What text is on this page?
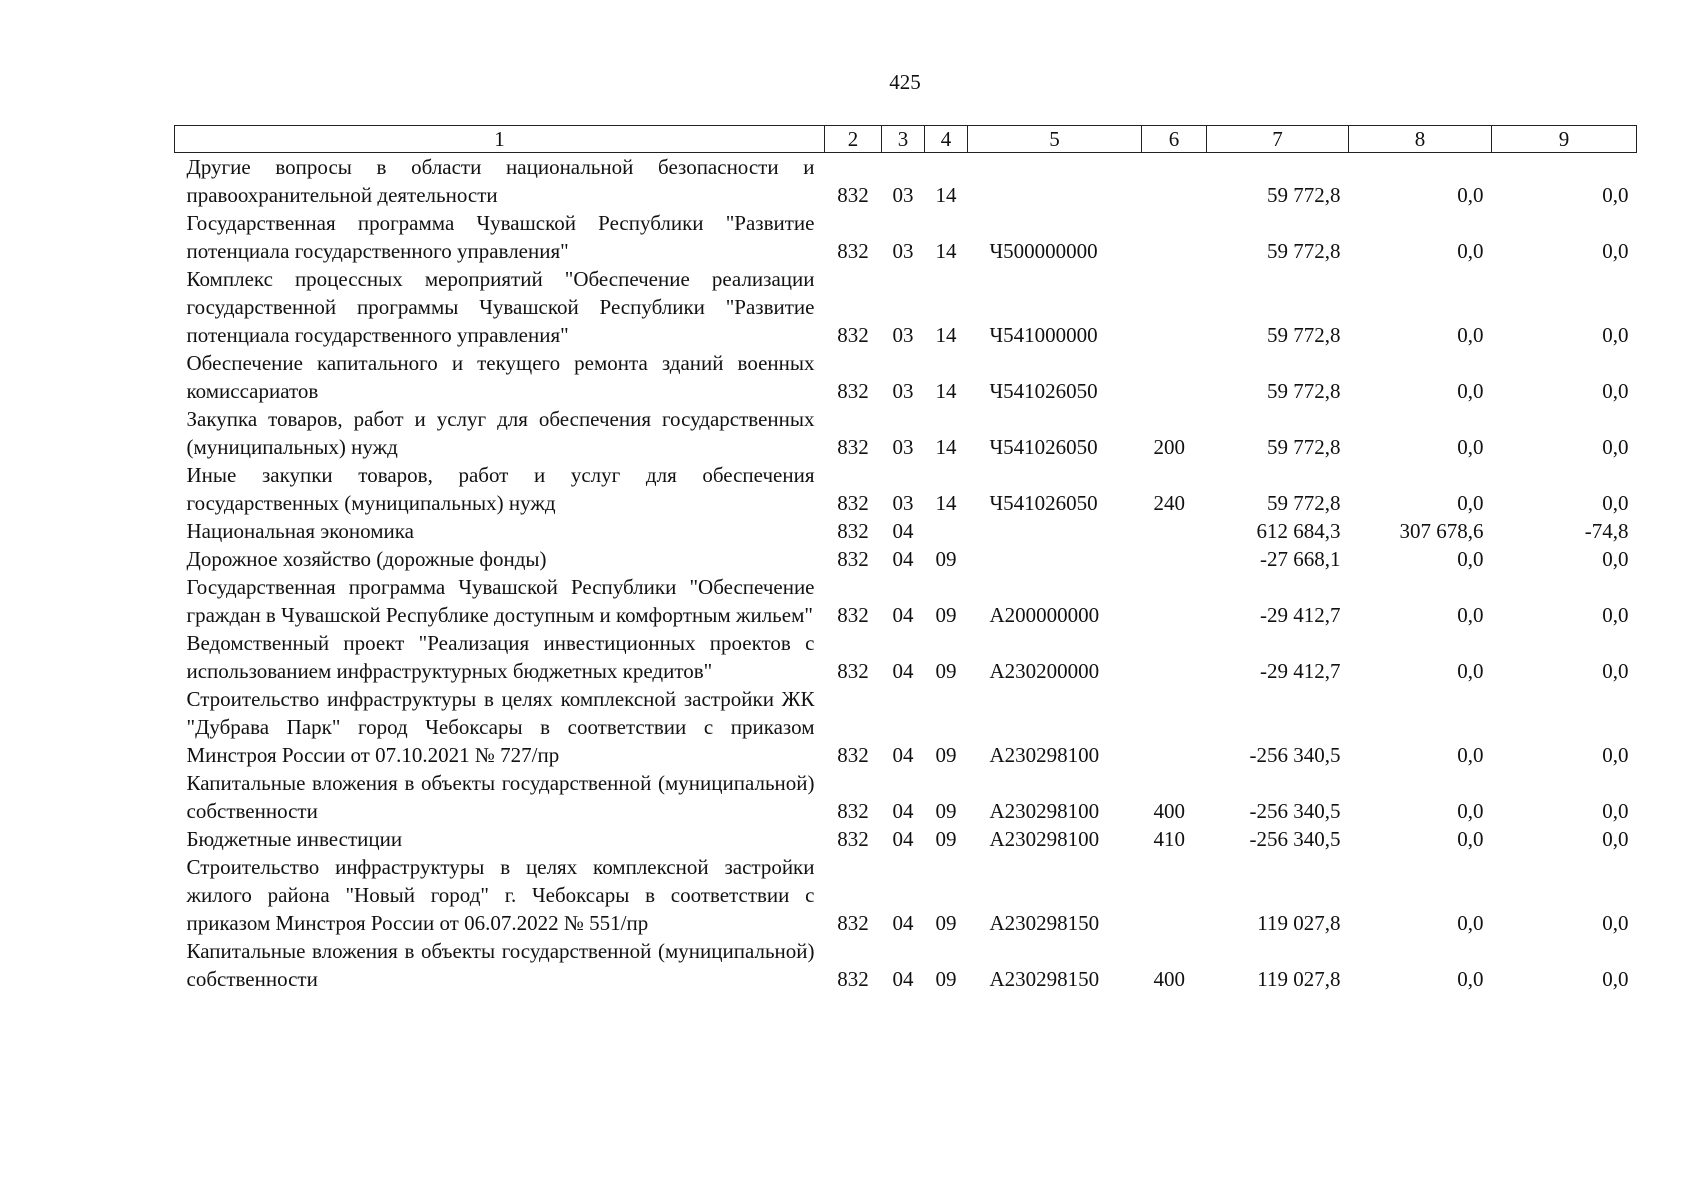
425
1	2	3	4	5	6	7	8	9
Другие вопросы в области национальной безопасности и правоохранительной деятельности	832	03	14			59 772,8	0,0	0,0
Государственная программа Чувашской Республики "Развитие потенциала государственного управления"	832	03	14	Ч500000000		59 772,8	0,0	0,0
Комплекс процессных мероприятий "Обеспечение реализации государственной программы Чувашской Республики "Развитие потенциала государственного управления"	832	03	14	Ч541000000		59 772,8	0,0	0,0
Обеспечение капитального и текущего ремонта зданий военных комиссариатов	832	03	14	Ч541026050		59 772,8	0,0	0,0
Закупка товаров, работ и услуг для обеспечения государственных (муниципальных) нужд	832	03	14	Ч541026050	200	59 772,8	0,0	0,0
Иные закупки товаров, работ и услуг для обеспечения государственных (муниципальных) нужд	832	03	14	Ч541026050	240	59 772,8	0,0	0,0
Национальная экономика	832	04				612 684,3	307 678,6	-74,8
Дорожное хозяйство (дорожные фонды)	832	04	09			-27 668,1	0,0	0,0
Государственная программа Чувашской Республики "Обеспечение граждан в Чувашской Республике доступным и комфортным жильем"	832	04	09	А200000000		-29 412,7	0,0	0,0
Ведомственный проект "Реализация инвестиционных проектов с использованием инфраструктурных бюджетных кредитов"	832	04	09	А230200000		-29 412,7	0,0	0,0
Строительство инфраструктуры в целях комплексной застройки ЖК "Дубрава Парк" город Чебоксары в соответствии с приказом Минстроя России от 07.10.2021 № 727/пр	832	04	09	А230298100		-256 340,5	0,0	0,0
Капитальные вложения в объекты государственной (муниципальной) собственности	832	04	09	А230298100	400	-256 340,5	0,0	0,0
Бюджетные инвестиции	832	04	09	А230298100	410	-256 340,5	0,0	0,0
Строительство инфраструктуры в целях комплексной застройки жилого района "Новый город" г. Чебоксары в соответствии с приказом Минстроя России от 06.07.2022 № 551/пр	832	04	09	А230298150		119 027,8	0,0	0,0
Капитальные вложения в объекты государственной (муниципальной) собственности	832	04	09	А230298150	400	119 027,8	0,0	0,0
